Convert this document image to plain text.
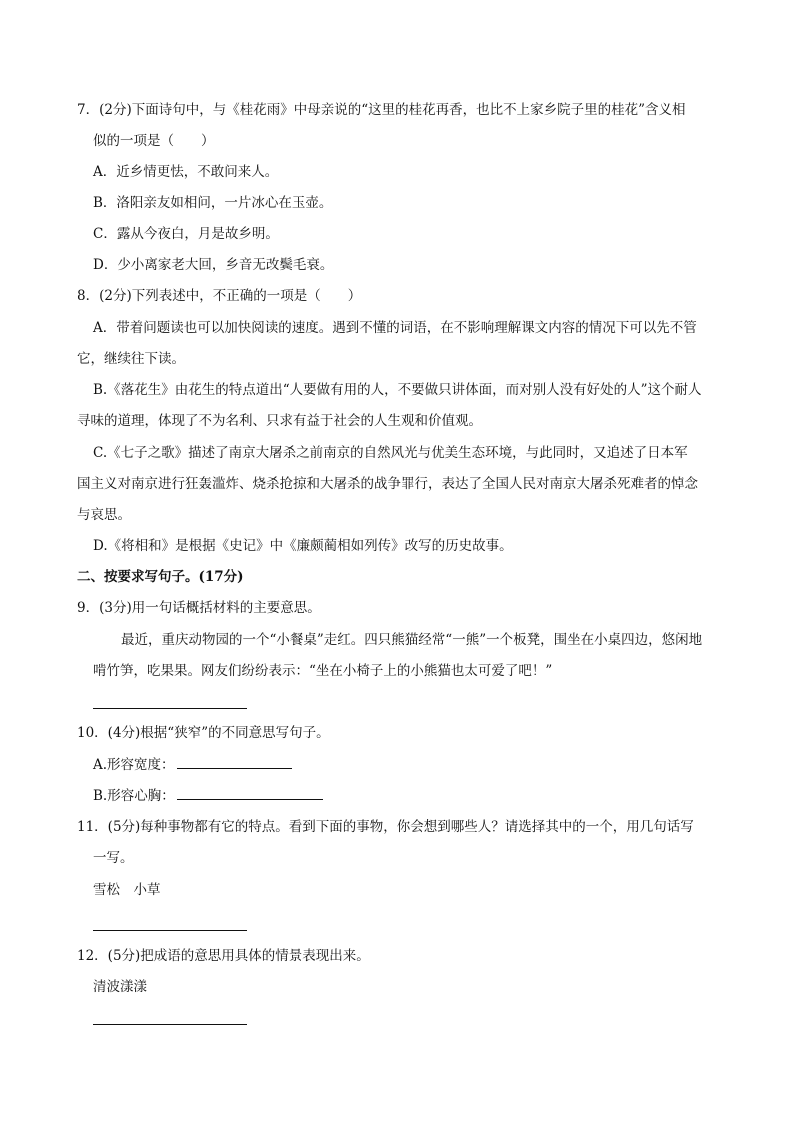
7．(2分)下面诗句中，与《桂花雨》中母亲说的“这里的桂花再香，也比不上家乡院子里的桂花”含义相
似的一项是（　　）
A．近乡情更怯，不敢问来人。
B．洛阳亲友如相问，一片冰心在玉壶。
C．露从今夜白，月是故乡明。
D．少小离家老大回，乡音无改鬓毛衰。
8．(2分)下列表述中，不正确的一项是（　　）
A．带着问题读也可以加快阅读的速度。遇到不懂的词语，在不影响理解课文内容的情况下可以先不管
它，继续往下读。
B.《落花生》由花生的特点道出“人要做有用的人，不要做只讲体面，而对别人没有好处的人”这个耐人
寻味的道理，体现了不为名利、只求有益于社会的人生观和价值观。
C.《七子之歌》描述了南京大屠杀之前南京的自然风光与优美生态环境，与此同时，又追述了日本军
国主义对南京进行狂轰滥炸、烧杀抢掠和大屠杀的战争罪行，表达了全国人民对南京大屠杀死难者的悼念
与哀思。
D.《将相和》是根据《史记》中《廉颇蔺相如列传》改写的历史故事。
二、按要求写句子。(17分)
9．(3分)用一句话概括材料的主要意思。
最近，重庆动物园的一个“小餐桌”走红。四只熊猫经常“一熊”一个板凳，围坐在小桌四边，悠闲地
啃竹笋，吃果果。网友们纷纷表示：“坐在小椅子上的小熊猫也太可爱了吧！”
10．(4分)根据“狭窄”的不同意思写句子。
A.形容宽度：
B.形容心胸：
11．(5分)每种事物都有它的特点。看到下面的事物，你会想到哪些人？请选择其中的一个，用几句话写
一写。
雪松　小草
12．(5分)把成语的意思用具体的情景表现出来。
清波漾漾
